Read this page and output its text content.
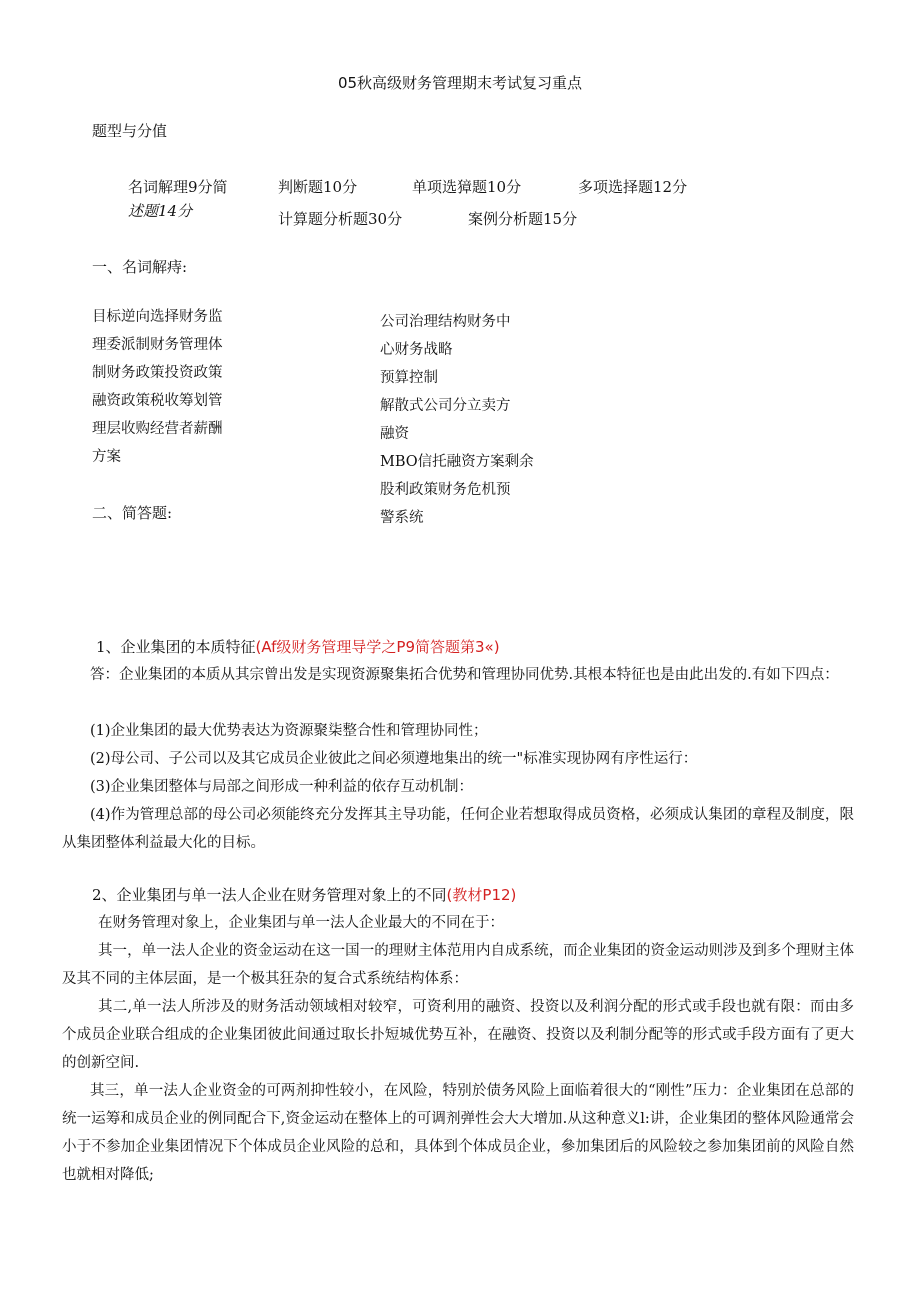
05秋高级财务管理期末考试复习重点
题型与分值
名词解理9分简	判断题10分	单项选獐题10分	多项选择题12分
述题14分	计算题分析题30分	案例分析题15分
一、名词解痔:
目标逆向选择财务监
理委派制财务管理体
制财务政策投资政策
融资政策税收筹划管
理层收购经营者薪酬
方案
公司治理结构财务中
心财务战略
预算控制
解散式公司分立卖方
融资
MBO信托融资方案剩余
股利政策财务危机预
警系统
二、简答题:
1、企业集团的本质特征(Af级财务管理导学之P9简答题第3«)
答：企业集团的本质从其宗曾出发是实现资源聚集拓合优势和管理协同优势.其根本特征也是由此出发的.有如下四点：
(1)企业集团的最大优势表达为资源聚柒整合性和管理协同性；
(2)母公司、子公司以及其它成员企业彼此之间必须遵地集出的统一"标准实现协网有序性运行：
(3)企业集团整体与局部之间形成一种利益的依存互动机制：
(4)作为管理总部的母公司必须能终充分发挥其主导功能，任何企业若想取得成员资格，必须成认集团的章程及制度，限从集团整体利益最大化的目标。
2、企业集团与单一法人企业在财务管理对象上的不同(教材P12)
在财务管理对象上，企业集团与单一法人企业最大的不同在于：
其一，单一法人企业的资金运动在这一国一的理财主体范用内自成系统，而企业集团的资金运动则涉及到多个理财主体及其不同的主体层面，是一个极其狂杂的复合式系统结构体系：
其二,单一法人所涉及的财务活动领域相对较窄，可资利用的融资、投资以及利润分配的形式或手段也就有限：而由多个成员企业联合组成的企业集团彼此间通过取长扑短城优势互补，在融资、投资以及利制分配等的形式或手段方面有了更大的创新空间.
其三，单一法人企业资金的可两剂抑性较小，在风险，特别於债务风险上面临着很大的“刚性”压力：企业集团在总部的统一运筹和成员企业的例同配合下,资金运动在整体上的可调剂弹性会大大增加.从这种意义l:讲，企业集团的整体风险通常会小于不参加企业集团情况下个体成员企业风险的总和，具体到个体成员企业，參加集团后的风险较之参加集团前的风险自然也就相对降低;
